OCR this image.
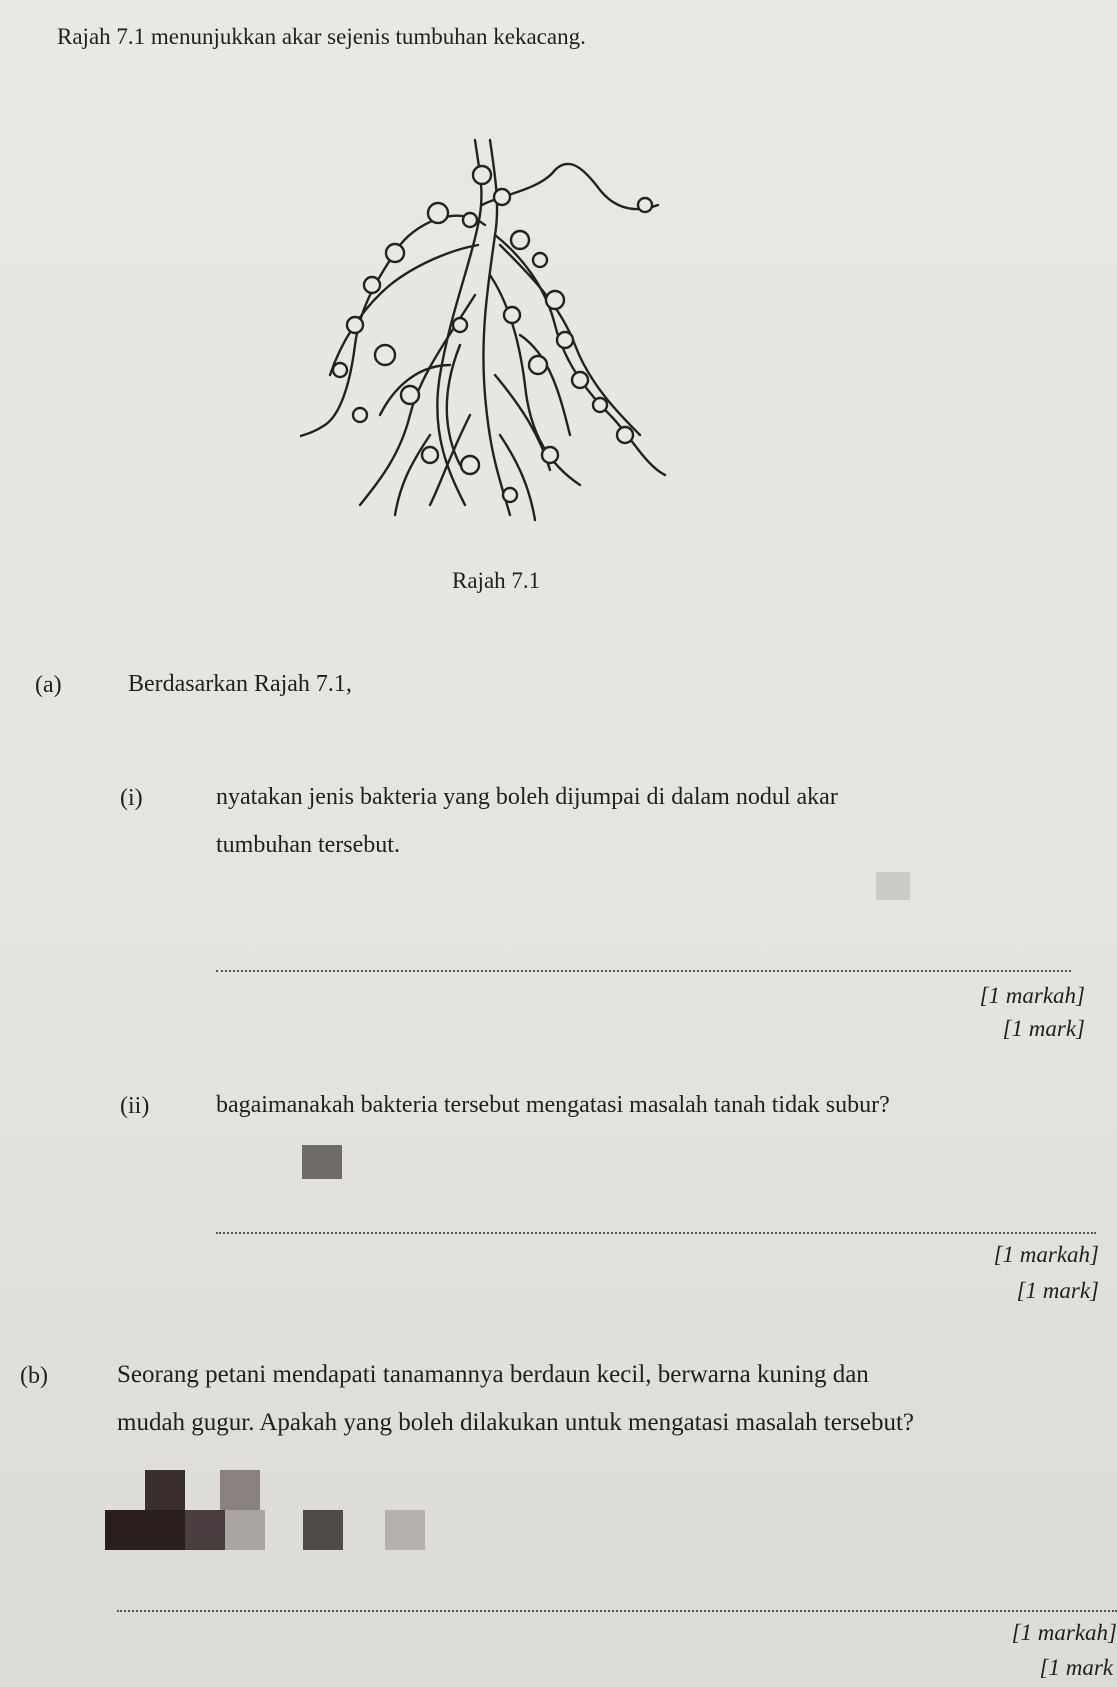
Rajah 7.1 menunjukkan akar sejenis tumbuhan kekacang.
Rajah 7.1
(a)	Berdasarkan Rajah 7.1,
(i)	nyatakan jenis bakteria yang boleh dijumpai di dalam nodul akar
tumbuhan tersebut.
[1 markah]
[1 mark]
(ii)	bagaimanakah bakteria tersebut mengatasi masalah tanah tidak subur?
[1 markah]
[1 mark]
(b)	Seorang petani mendapati tanamannya berdaun kecil, berwarna kuning dan
mudah gugur. Apakah yang boleh dilakukan untuk mengatasi masalah tersebut?
[1 markah]
[1 mark
